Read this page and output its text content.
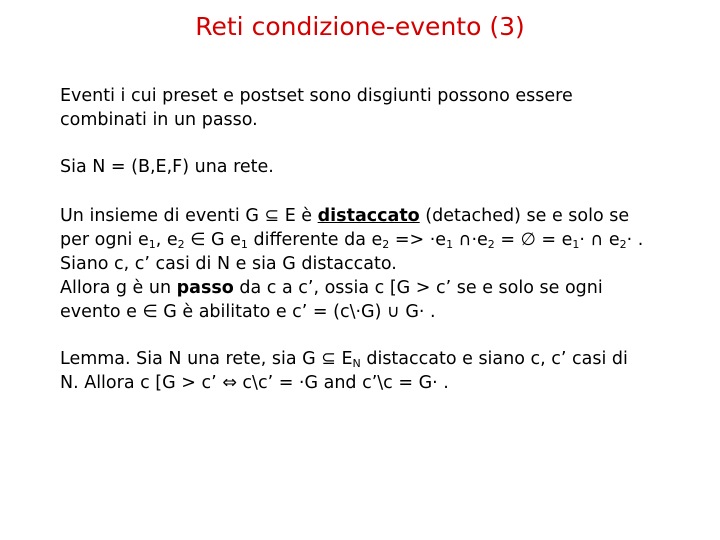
Reti condizione-evento (3)

Eventi i cui preset e postset sono disgiunti possono essere

combinati in un passo.

Sia N = (B,E,F) una rete.

Un insieme di eventi G ⊆ E è distaccato (detached) se e solo se

per ogni $e_1$, $e_2$ ∈ G $e_1$ differente da $e_2 => \cdot e_1$ $\cap\cdot e_2$ = ∅ = $e_1\cdot$ ∩ $e_2\cdot$ .

Siano c, c’ casi di N e sia G distaccato.

Allora g è un passo da c a c’, ossia c [G > c’ se e solo se ogni

evento e ∈ G è abilitato e c’ = (c\·G) ∪ G· .

Lemma. Sia N una rete, sia G ⊆ $E_N$ distaccato e siano c, c’ casi di

N. Allora c [G > c’ ⇔ c\c’ = ·G and c’\c = G· .
